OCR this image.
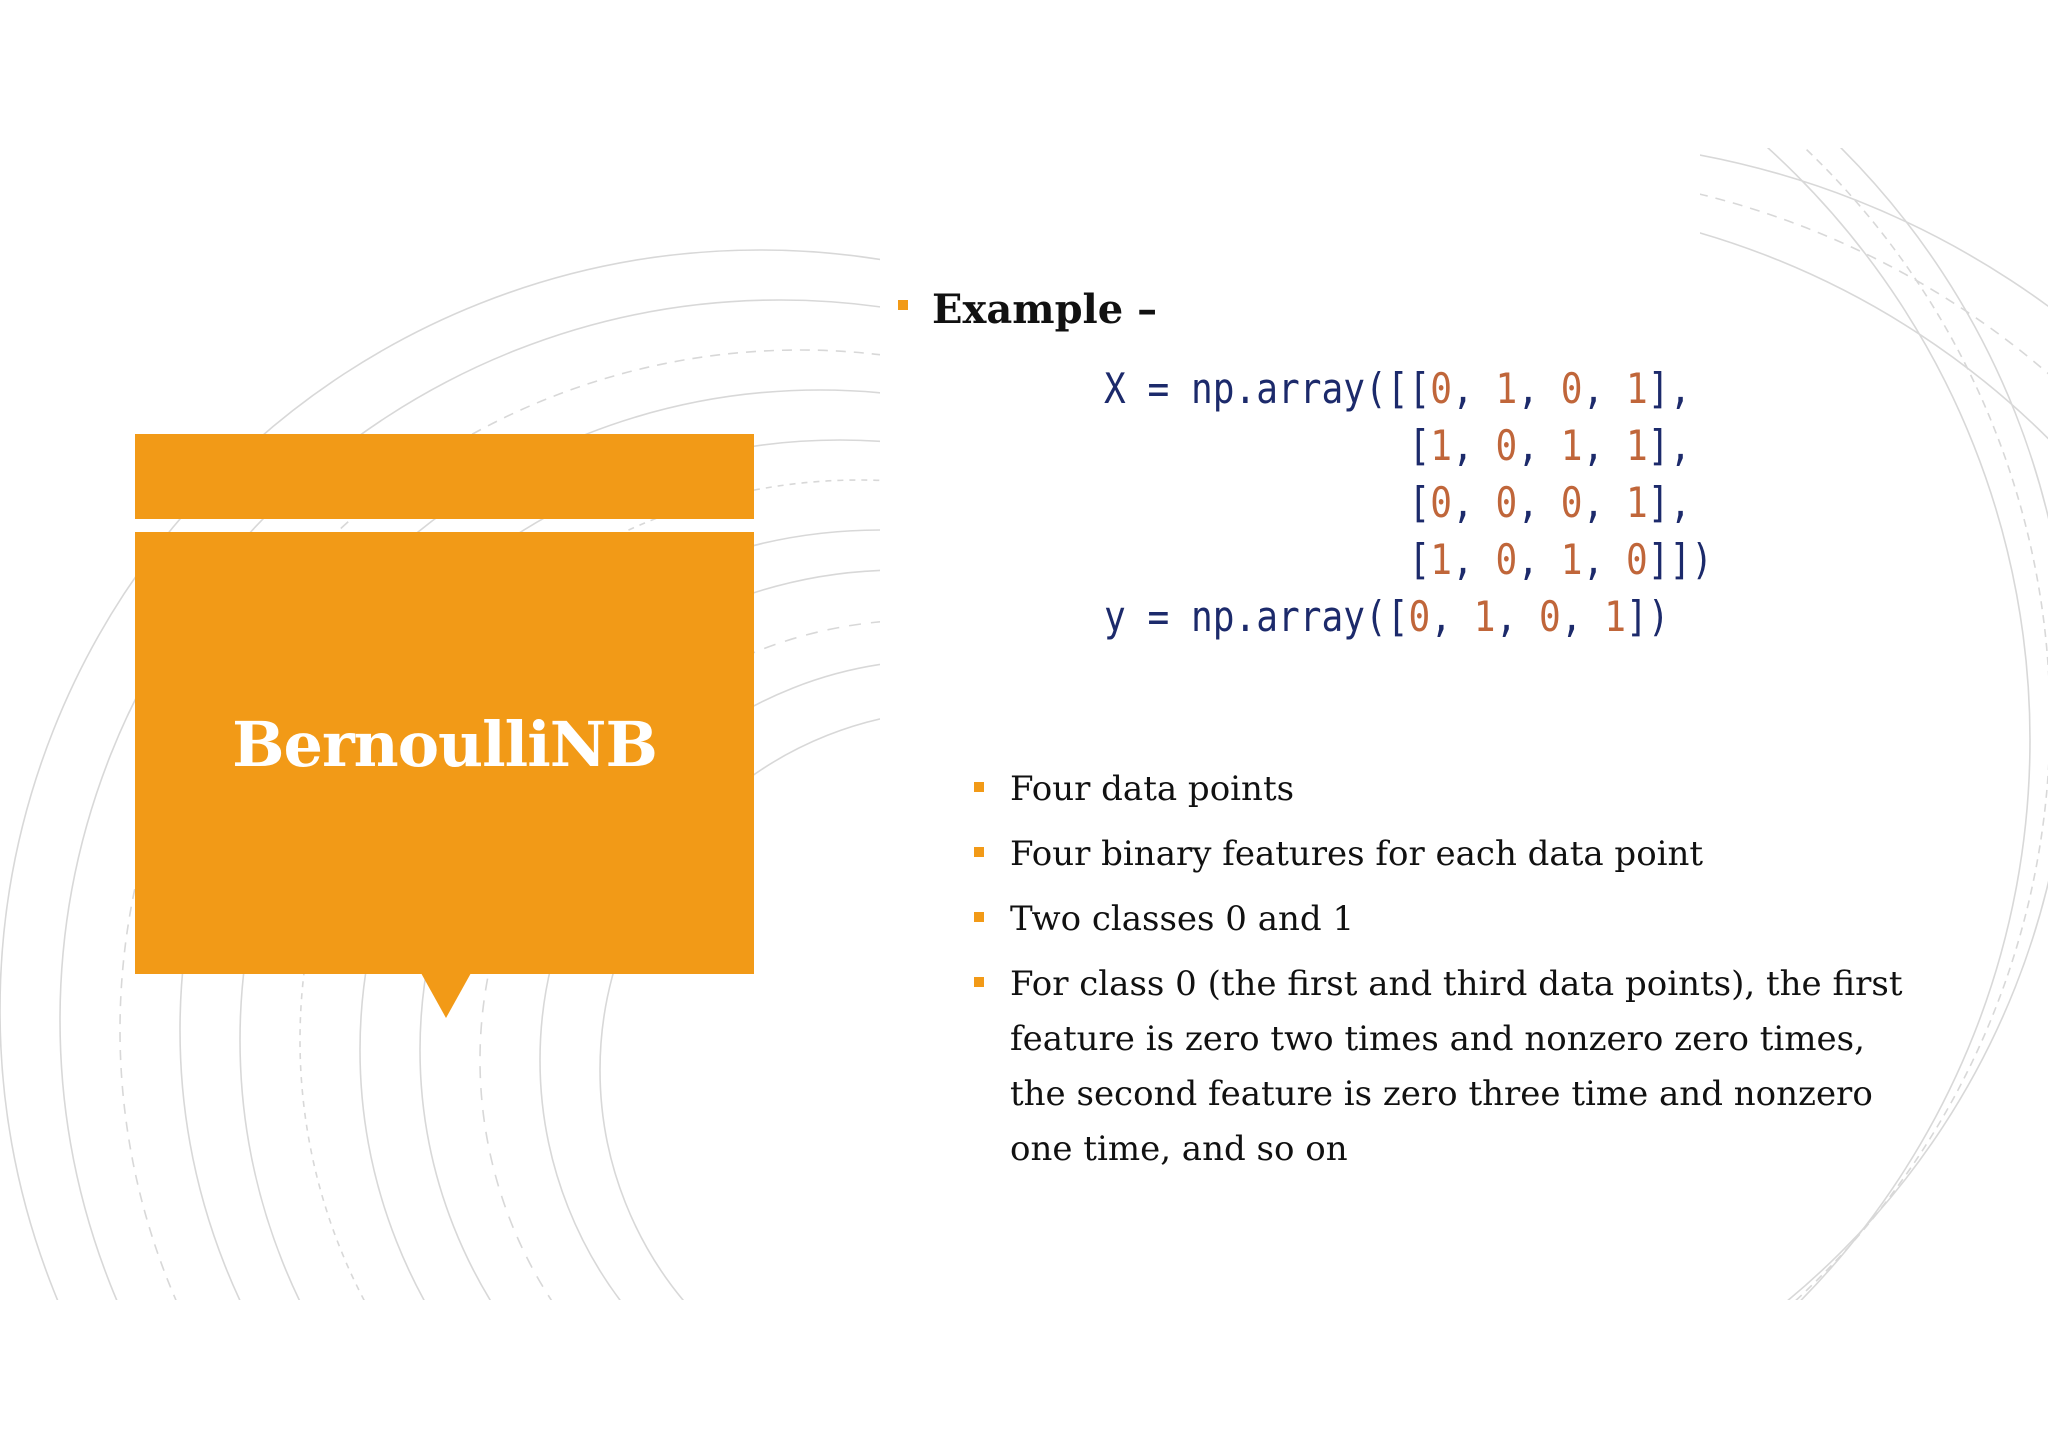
BernoulliNB
Example –
X = np.array([[0, 1, 0, 1],
[1, 0, 1, 1],
[0, 0, 0, 1],
[1, 0, 1, 0]])
y = np.array([0, 1, 0, 1])
Four data points
Four binary features for each data point
Two classes 0 and 1
For class 0 (the first and third data points), the first feature is zero two times and nonzero zero times, the second feature is zero three time and nonzero one time, and so on
